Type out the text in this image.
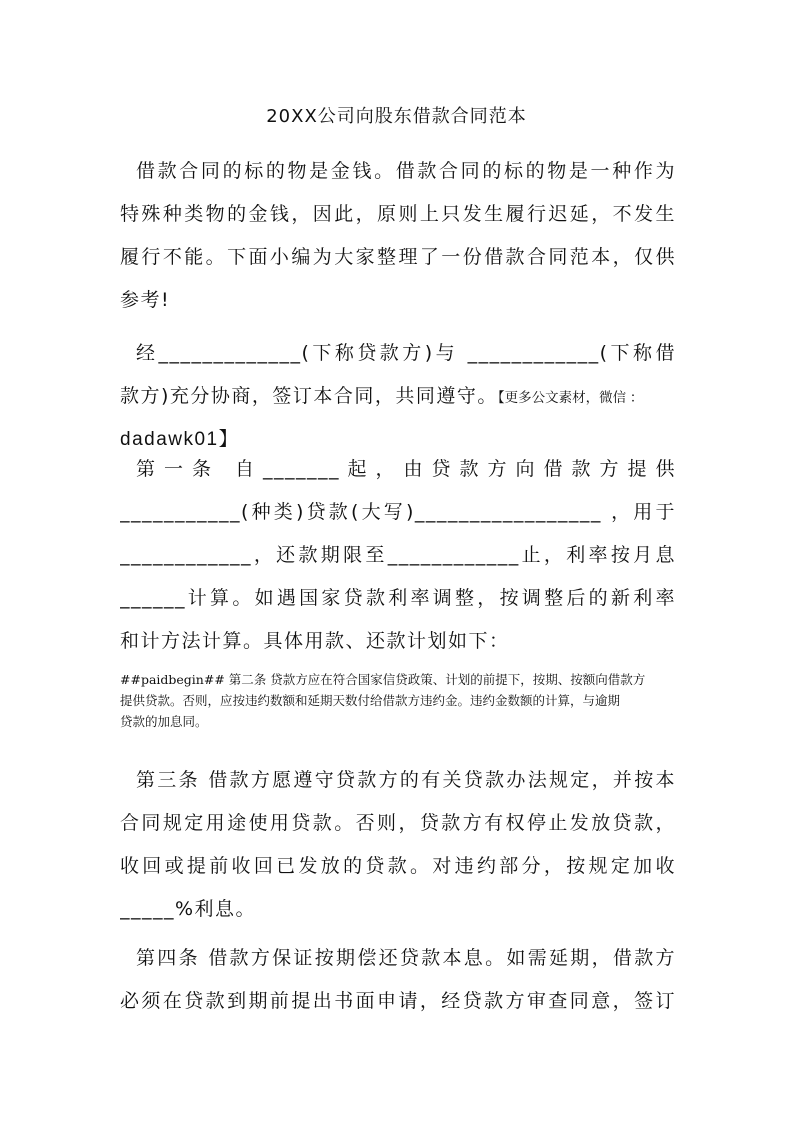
20XX公司向股东借款合同范本
借款合同的标的物是金钱。借款合同的标的物是一种作为
特殊种类物的金钱，因此，原则上只发生履行迟延，不发生
履行不能。下面小编为大家整理了一份借款合同范本，仅供
参考!
经_____________(下称贷款方)与 ____________(下称借
款方)充分协商，签订本合同，共同遵守。【更多公文素材，微信 ：
dadawk01】
第一条 自_______起，由贷款方向借款方提供
___________(种类)贷款(大写)_________________ ，用于
____________，还款期限至____________止，利率按月息
______计算。如遇国家贷款利率调整，按调整后的新利率
和计方法计算。具体用款、还款计划如下：
##paidbegin## 第二条 贷款方应在符合国家信贷政策、计划的前提下，按期、按额向借款方
提供贷款。否则，应按违约数额和延期天数付给借款方违约金。违约金数额的计算，与逾期
贷款的加息同。
第三条 借款方愿遵守贷款方的有关贷款办法规定，并按本
合同规定用途使用贷款。否则，贷款方有权停止发放贷款，
收回或提前收回已发放的贷款。对违约部分，按规定加收
_____%利息。
第四条 借款方保证按期偿还贷款本息。如需延期，借款方
必须在贷款到期前提出书面申请，经贷款方审查同意，签订
